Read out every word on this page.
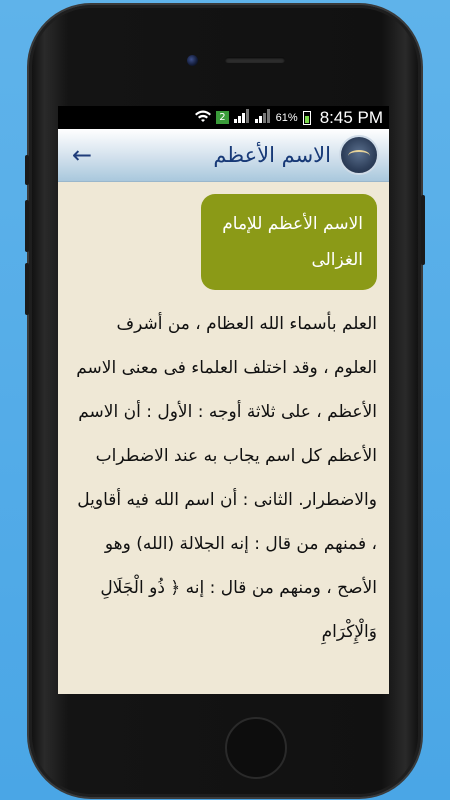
2	61% 8:45 PM
←	الاسم الأعظم
الاسم الأعظم للإمام الغزالى
العلم بأسماء الله العظام ، من أشرف العلوم ، وقد اختلف العلماء فى معنى الاسم الأعظم ، على ثلاثة أوجه : الأول : أن الاسم الأعظم كل اسم يجاب به عند الاضطراب والاضطرار. الثانى : أن اسم الله فيه أقاويل ، فمنهم من قال : إنه الجلالة (الله) وهو الأصح ، ومنهم من قال : إنه ﴿ ذُو الْجَلَالِ وَالْإِكْرَامِ
